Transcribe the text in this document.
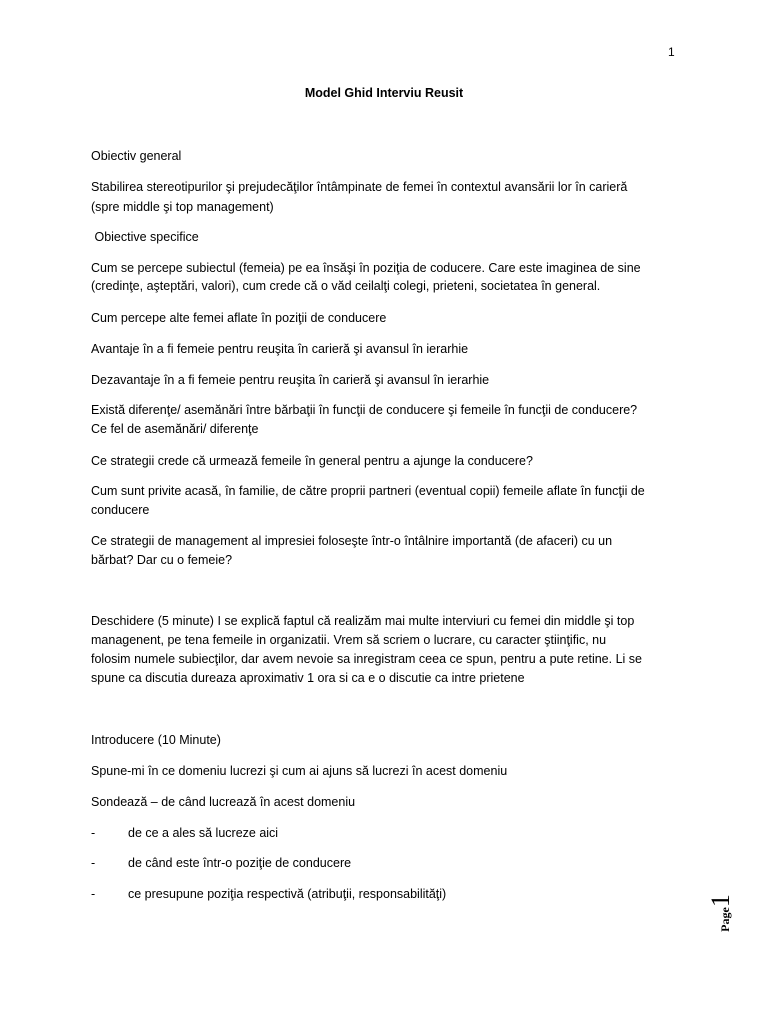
1
Model Ghid Interviu Reusit
Obiectiv general
Stabilirea stereotipurilor şi prejudecăţilor întâmpinate de femei în contextul avansării lor în carieră
(spre middle şi top management)
Obiective specifice
Cum se percepe subiectul (femeia) pe ea însăşi în poziţia de coducere. Care este imaginea de sine
(credinţe, aşteptări, valori), cum crede că o văd ceilalţi colegi, prieteni, societatea în general.
Cum percepe alte femei aflate în poziţii de conducere
Avantaje în a fi femeie pentru reuşita în carieră şi avansul în ierarhie
Dezavantaje în a fi femeie pentru reuşita în carieră şi avansul în ierarhie
Există diferenţe/ asemănări între bărbaţii în funcţii de conducere şi femeile în funcţii de conducere?
Ce fel de asemănări/ diferenţe
Ce strategii crede că urmează femeile în general pentru a ajunge la conducere?
Cum sunt privite acasă, în familie, de către proprii partneri (eventual copii) femeile aflate în funcţii de
conducere
Ce strategii de management al impresiei foloseşte într-o întâlnire importantă (de afaceri) cu un
bărbat? Dar cu o femeie?
Deschidere (5 minute) I se explică faptul că realizăm mai multe interviuri cu femei din middle şi top
managenent, pe tena femeile in organizatii. Vrem să scriem o lucrare, cu caracter ştiinţific, nu
folosim numele subiecţilor, dar avem nevoie sa inregistram ceea ce spun, pentru a pute retine. Li se
spune ca discutia dureaza aproximativ 1 ora si ca e o discutie ca intre prietene
Introducere (10 Minute)
Spune-mi în ce domeniu lucrezi şi cum ai ajuns să lucrezi în acest domeniu
Sondează – de când lucrează în acest domeniu
-	de ce a ales să lucreze aici
-	de când este într-o poziţie de conducere
-	ce presupune poziţia respectivă (atribuţii, responsabilităţi)
Page1
